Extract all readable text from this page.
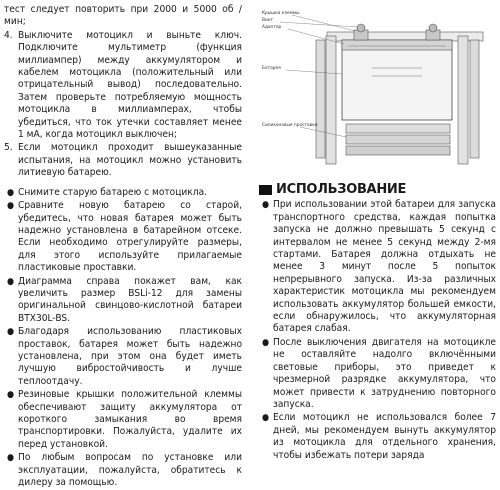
тест следует повторить при 2000 и 5000 об / мин;
4. Выключите мотоцикл и выньте ключ. Подключите мультиметр (функция миллиампер) между аккумулятором и кабелем мотоцикла (положительный или отрицательный вывод) последовательно. Затем проверьте потребляемую мощность мотоцикла в миллиамперах, чтобы убедиться, что ток утечки составляет менее 1 мА, когда мотоцикл выключен;
5. Если мотоцикл проходит вышеуказанные испытания, на мотоцикл можно установить литиевую батарею.
● Снимите старую батарею с мотоцикла.
● Сравните новую батарею со старой, убедитесь, что новая батарея может быть надежно установлена в батарейном отсеке. Если необходимо отрегулируйте размеры, для этого используйте прилагаемые пластиковые проставки.
● Диаграмма справа покажет вам, как увеличить размер BSLi-12 для замены оригинальной свинцово-кислотной батареи BTX30L-BS.
● Благодаря использованию пластиковых проставок, батарея может быть надежно установлена, при этом она будет иметь лучшую вибростойчивость и лучше теплоотдачу.
● Резиновые крышки положительной клеммы обеспечивают защиту аккумулятора от короткого замыкания во время транспортировки. Пожалуйста, удалите их перед установкой.
● По любым вопросам по установке или эксплуатации, пожалуйста, обратитесь к дилеру за помощью.
Крышка клеммы
Винт
Адаптер
Батарея
Силиконовые проставки
ИСПОЛЬЗОВАНИЕ
● При использовании этой батареи для запуска транспортного средства, каждая попытка запуска не должно превышать 5 секунд с интервалом не менее 5 секунд между 2-мя стартами. Батарея должна отдыхать не менее 3 минут после 5 попыток непрерывного запуска. Из-за различных характеристик мотоцикла мы рекомендуем использовать аккумулятор большей емкости, если обнаружилось, что аккумуляторная батарея слабая.
● После выключения двигателя на мотоцикле не оставляйте надолго включёнными световые приборы, это приведет к чрезмерной разрядке аккумулятора, что может привести к затруднению повторного запуска.
● Если мотоцикл не использовался более 7 дней, мы рекомендуем вынуть аккумулятор из мотоцикла для отдельного хранения, чтобы избежать потери заряда
